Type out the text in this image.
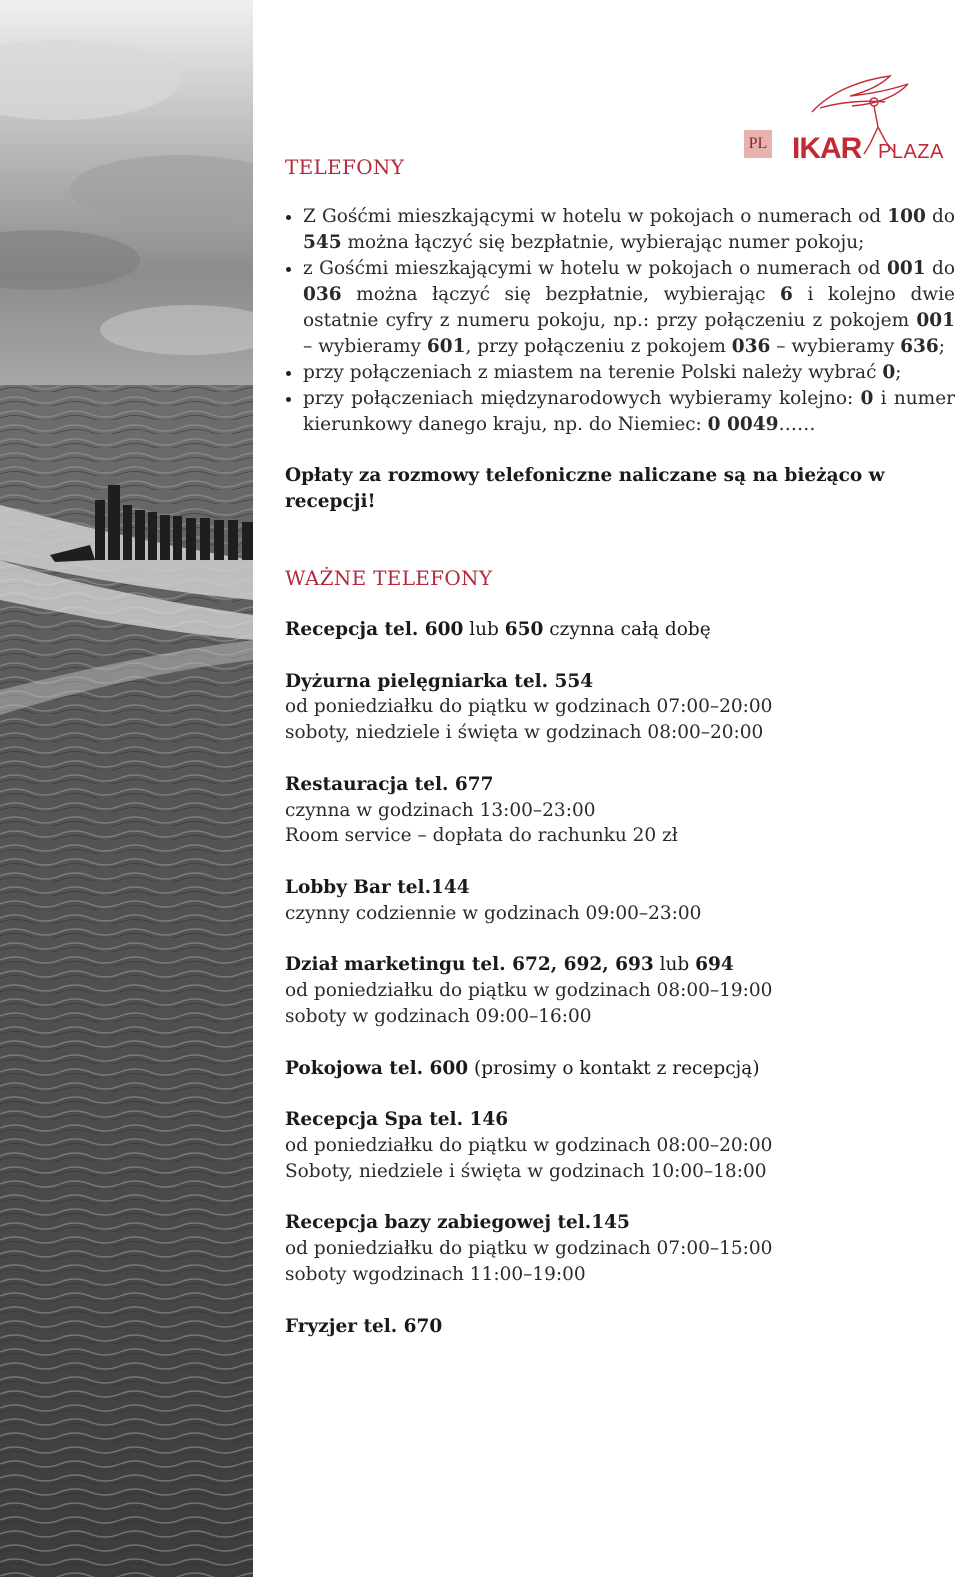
PL IKAR PLAZA
TELEFONY
Z Gośćmi mieszkającymi w hotelu w pokojach o numerach od 100 do 545 można łączyć się bezpłatnie, wybierając numer pokoju;
z Gośćmi mieszkającymi w hotelu w pokojach o numerach od 001 do 036 można łączyć się bezpłatnie, wybierając 6 i kolejno dwie ostatnie cyfry z numeru pokoju, np.: przy połączeniu z pokojem 001 – wybieramy 601, przy połączeniu z pokojem 036 – wybieramy 636;
przy połączeniach z miastem na terenie Polski należy wybrać 0;
przy połączeniach międzynarodowych wybieramy kolejno: 0 i numer kierunkowy danego kraju, np. do Niemiec: 0 0049……

Opłaty za rozmowy telefoniczne naliczane są na bieżąco w recepcji!

WAŻNE TELEFONY
Recepcja tel. 600 lub 650 czynna całą dobę
Dyżurna pielęgniarka tel. 554
od poniedziałku do piątku w godzinach 07:00–20:00
soboty, niedziele i święta w godzinach 08:00–20:00
Restauracja tel. 677
czynna w godzinach 13:00–23:00
Room service – dopłata do rachunku 20 zł
Lobby Bar tel.144
czynny codziennie w godzinach 09:00–23:00
Dział marketingu tel. 672, 692, 693 lub 694
od poniedziałku do piątku w godzinach 08:00–19:00
soboty w godzinach 09:00–16:00
Pokojowa tel. 600 (prosimy o kontakt z recepcją)
Recepcja Spa tel. 146
od poniedziałku do piątku w godzinach 08:00–20:00
Soboty, niedziele i święta w godzinach 10:00–18:00
Recepcja bazy zabiegowej tel.145
od poniedziałku do piątku w godzinach 07:00–15:00
soboty wgodzinach 11:00–19:00
Fryzjer tel. 670
